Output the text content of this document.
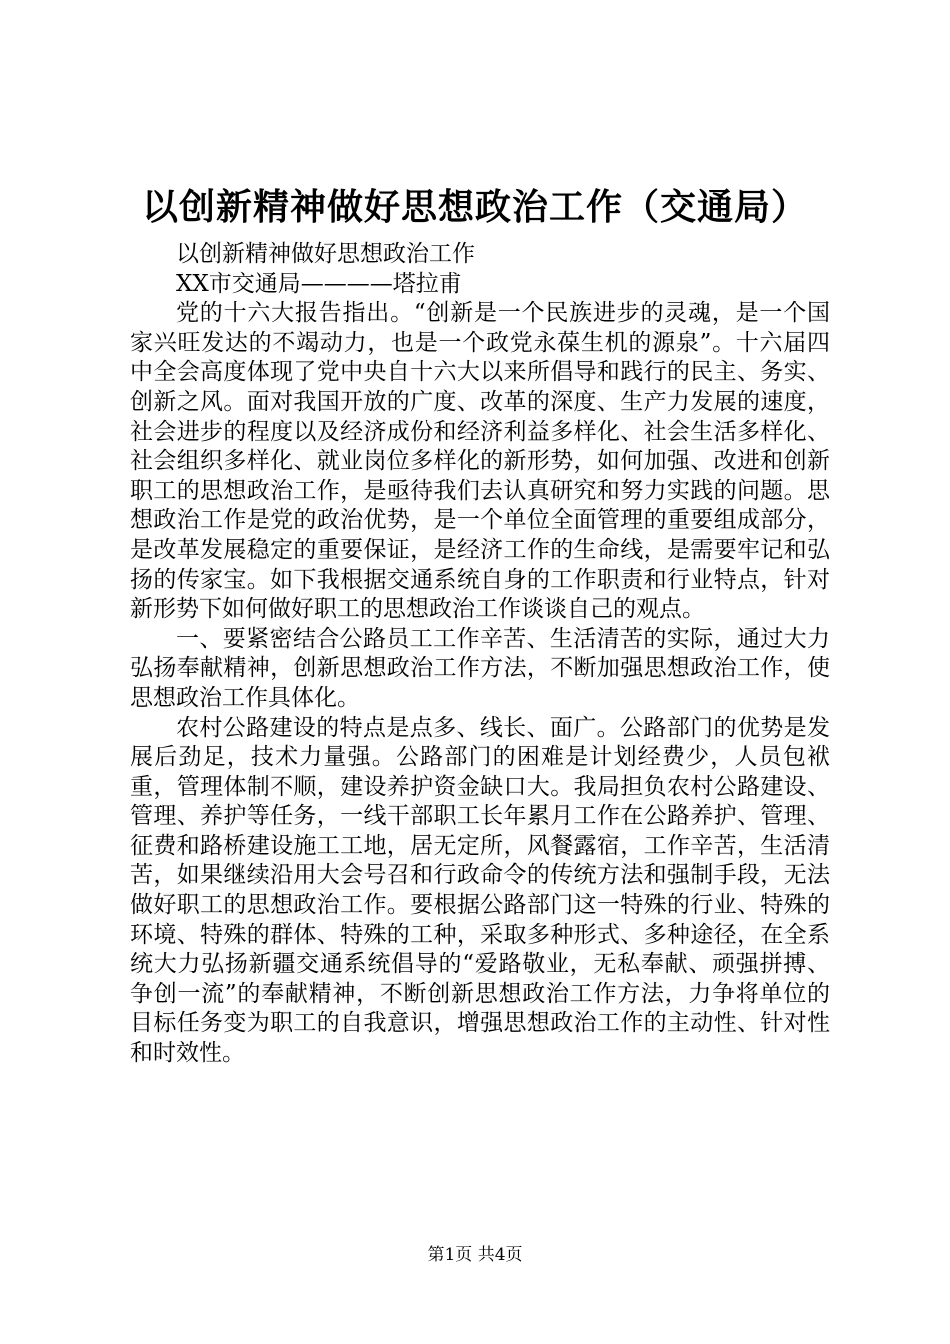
以创新精神做好思想政治工作（交通局）

以创新精神做好思想政治工作

XX市交通局————塔拉甫

党的十六大报告指出。“创新是一个民族进步的灵魂，是一个国家兴旺发达的不竭动力，也是一个政党永葆生机的源泉”。十六届四中全会高度体现了党中央自十六大以来所倡导和践行的民主、务实、创新之风。面对我国开放的广度、改革的深度、生产力发展的速度，社会进步的程度以及经济成份和经济利益多样化、社会生活多样化、社会组织多样化、就业岗位多样化的新形势，如何加强、改进和创新职工的思想政治工作，是亟待我们去认真研究和努力实践的问题。思想政治工作是党的政治优势，是一个单位全面管理的重要组成部分，是改革发展稳定的重要保证，是经济工作的生命线，是需要牢记和弘扬的传家宝。如下我根据交通系统自身的工作职责和行业特点，针对新形势下如何做好职工的思想政治工作谈谈自己的观点。

一、要紧密结合公路员工工作辛苦、生活清苦的实际，通过大力弘扬奉献精神，创新思想政治工作方法，不断加强思想政治工作，使思想政治工作具体化。

农村公路建设的特点是点多、线长、面广。公路部门的优势是发展后劲足，技术力量强。公路部门的困难是计划经费少，人员包袱重，管理体制不顺，建设养护资金缺口大。我局担负农村公路建设、管理、养护等任务，一线干部职工长年累月工作在公路养护、管理、征费和路桥建设施工工地，居无定所，风餐露宿，工作辛苦，生活清苦，如果继续沿用大会号召和行政命令的传统方法和强制手段，无法做好职工的思想政治工作。要根据公路部门这一特殊的行业、特殊的环境、特殊的群体、特殊的工种，采取多种形式、多种途径，在全系统大力弘扬新疆交通系统倡导的“爱路敬业，无私奉献、顽强拼搏、争创一流”的奉献精神，不断创新思想政治工作方法，力争将单位的目标任务变为职工的自我意识，增强思想政治工作的主动性、针对性和时效性。

第1页 共4页
